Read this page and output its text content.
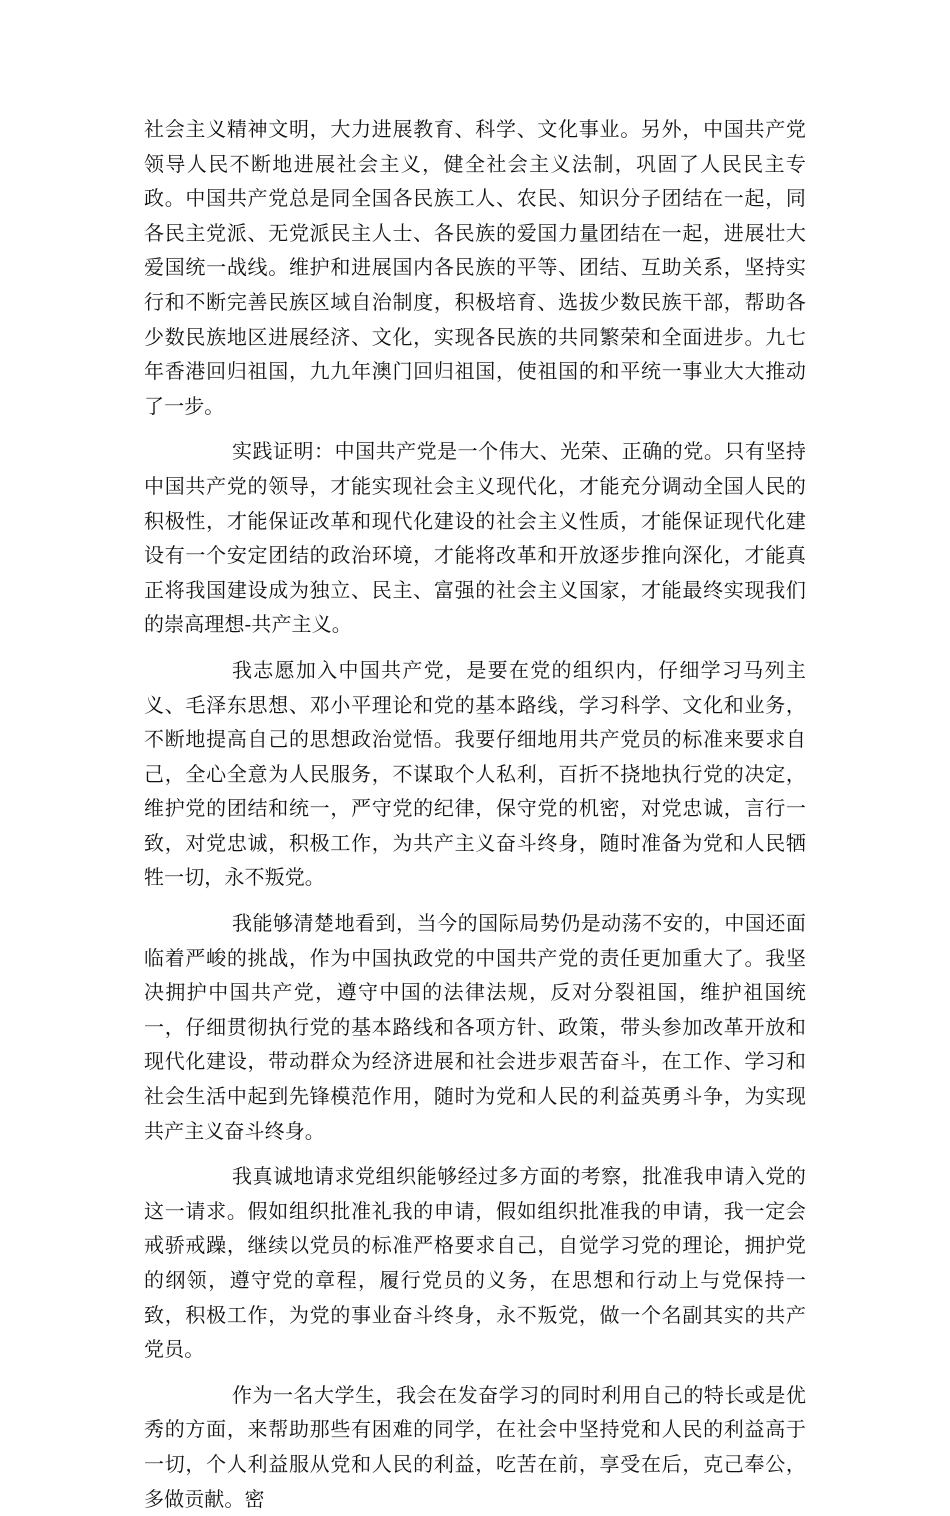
社会主义精神文明，大力进展教育、科学、文化事业。另外，中国共产党领导人民不断地进展社会主义，健全社会主义法制，巩固了人民民主专政。中国共产党总是同全国各民族工人、农民、知识分子团结在一起，同各民主党派、无党派民主人士、各民族的爱国力量团结在一起，进展壮大爱国统一战线。维护和进展国内各民族的平等、团结、互助关系，坚持实行和不断完善民族区域自治制度，积极培育、选拔少数民族干部，帮助各少数民族地区进展经济、文化，实现各民族的共同繁荣和全面进步。九七年香港回归祖国，九九年澳门回归祖国，使祖国的和平统一事业大大推动了一步。

实践证明：中国共产党是一个伟大、光荣、正确的党。只有坚持中国共产党的领导，才能实现社会主义现代化，才能充分调动全国人民的积极性，才能保证改革和现代化建设的社会主义性质，才能保证现代化建设有一个安定团结的政治环境，才能将改革和开放逐步推向深化，才能真正将我国建设成为独立、民主、富强的社会主义国家，才能最终实现我们的崇高理想-共产主义。

我志愿加入中国共产党，是要在党的组织内，仔细学习马列主义、毛泽东思想、邓小平理论和党的基本路线，学习科学、文化和业务，不断地提高自己的思想政治觉悟。我要仔细地用共产党员的标准来要求自己，全心全意为人民服务，不谋取个人私利，百折不挠地执行党的决定，维护党的团结和统一，严守党的纪律，保守党的机密，对党忠诚，言行一致，对党忠诚，积极工作，为共产主义奋斗终身，随时准备为党和人民牺牲一切，永不叛党。

我能够清楚地看到，当今的国际局势仍是动荡不安的，中国还面临着严峻的挑战，作为中国执政党的中国共产党的责任更加重大了。我坚决拥护中国共产党，遵守中国的法律法规，反对分裂祖国，维护祖国统一，仔细贯彻执行党的基本路线和各项方针、政策，带头参加改革开放和现代化建设，带动群众为经济进展和社会进步艰苦奋斗，在工作、学习和社会生活中起到先锋模范作用，随时为党和人民的利益英勇斗争，为实现共产主义奋斗终身。

我真诚地请求党组织能够经过多方面的考察，批准我申请入党的这一请求。假如组织批准礼我的申请，假如组织批准我的申请，我一定会戒骄戒躁，继续以党员的标准严格要求自己，自觉学习党的理论，拥护党的纲领，遵守党的章程，履行党员的义务，在思想和行动上与党保持一致，积极工作，为党的事业奋斗终身，永不叛党，做一个名副其实的共产党员。

作为一名大学生，我会在发奋学习的同时利用自己的特长或是优秀的方面，来帮助那些有困难的同学，在社会中坚持党和人民的利益高于一切，个人利益服从党和人民的利益，吃苦在前，享受在后，克己奉公，多做贡献。密
